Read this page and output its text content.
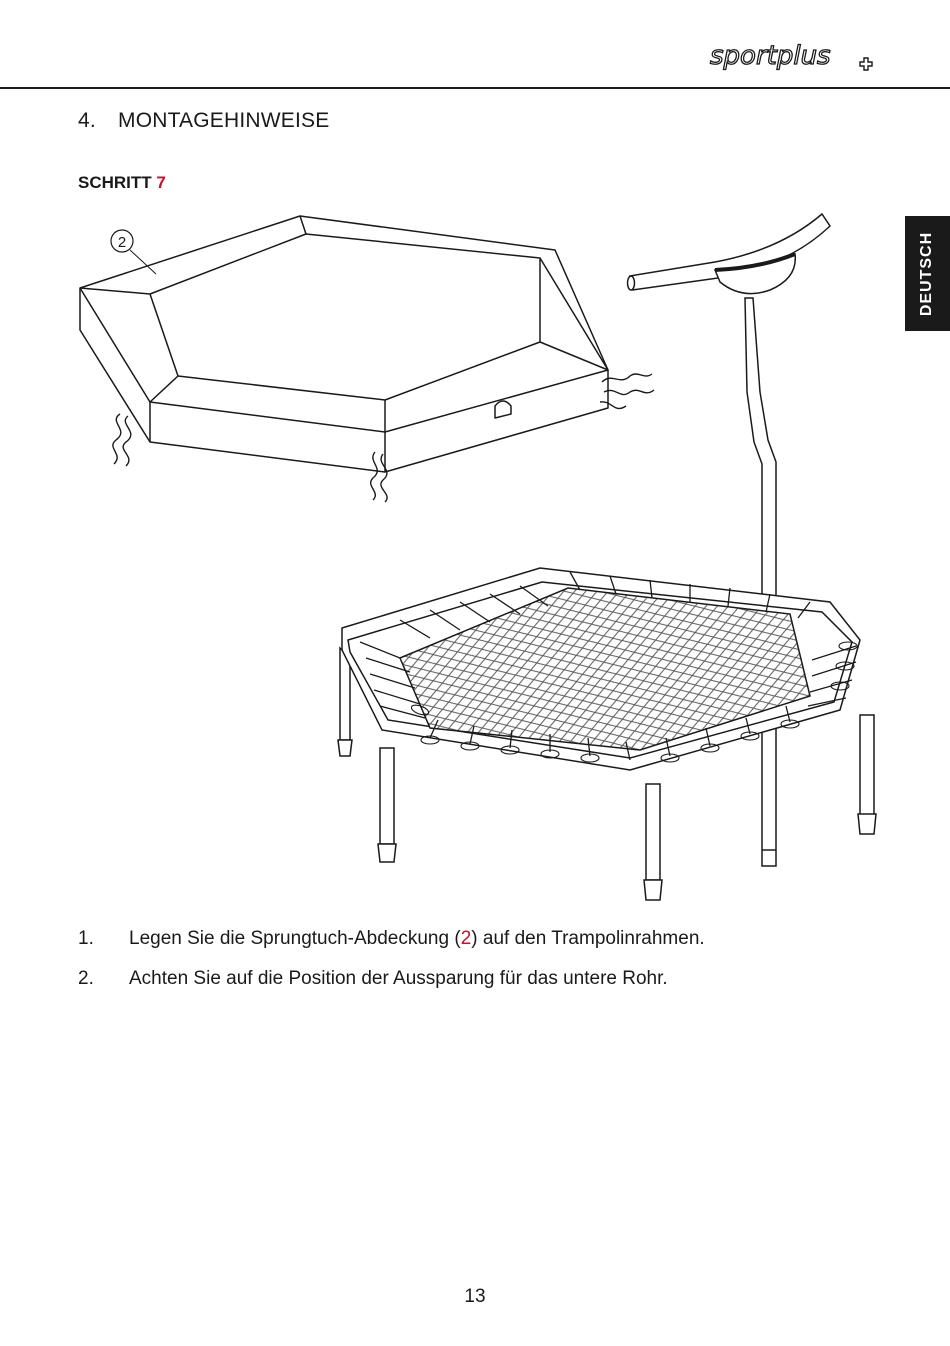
sportplus
4. MONTAGEHINWEISE
SCHRITT 7
DEUTSCH
2
1. Legen Sie die Sprungtuch-Abdeckung (2) auf den Trampolinrahmen.
2. Achten Sie auf die Position der Aussparung für das untere Rohr.
13
